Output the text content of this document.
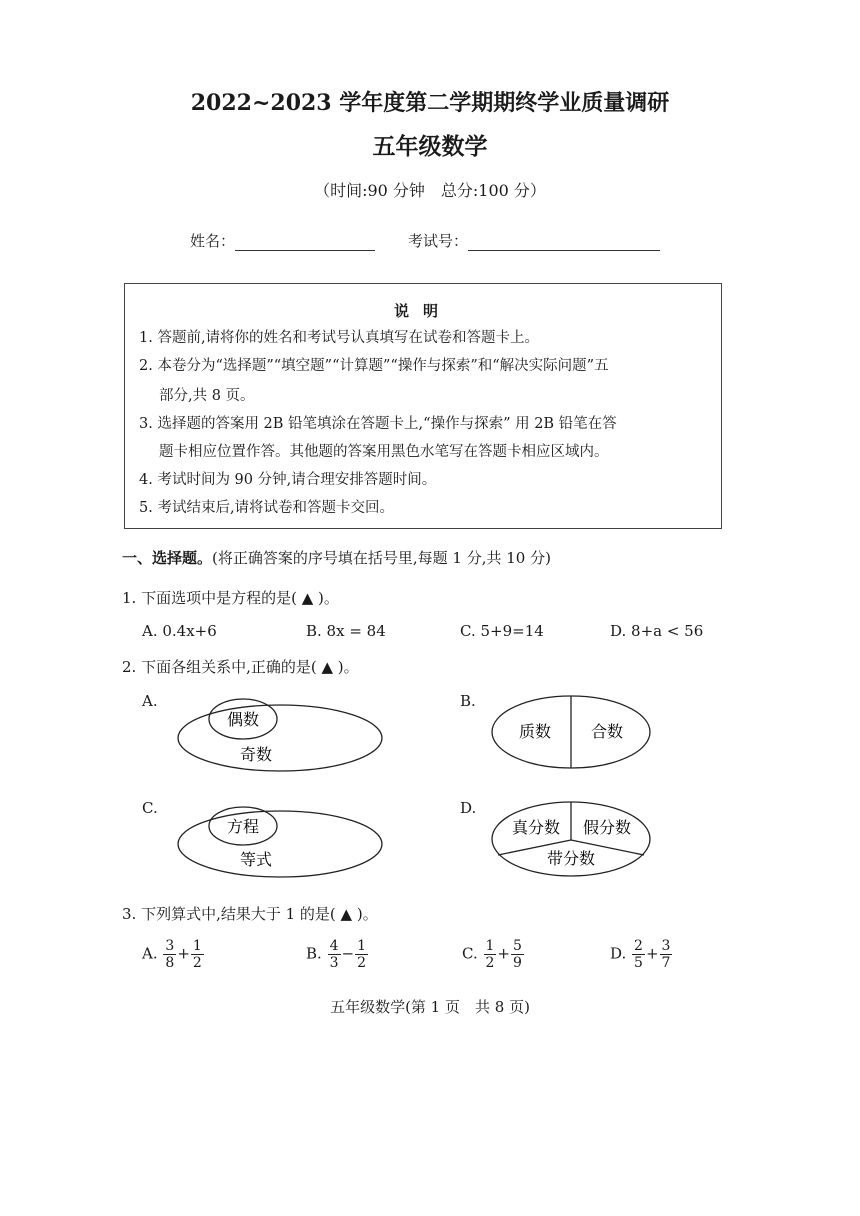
2022~2023 学年度第二学期期终学业质量调研
五年级数学
（时间:90 分钟　总分:100 分）
姓名：	考试号：
说明
1. 答题前,请将你的姓名和考试号认真填写在试卷和答题卡上。
2. 本卷分为“选择题”“填空题”“计算题”“操作与探索”和“解决实际问题”五
部分,共 8 页。
3. 选择题的答案用 2B 铅笔填涂在答题卡上,“操作与探索” 用 2B 铅笔在答
题卡相应位置作答。其他题的答案用黑色水笔写在答题卡相应区域内。
4. 考试时间为 90 分钟,请合理安排答题时间。
5. 考试结束后,请将试卷和答题卡交回。
一、选择题。(将正确答案的序号填在括号里,每题 1 分,共 10 分)
1. 下面选项中是方程的是( ▲ )。
A. 0.4x+6	B. 8x = 84	C. 5+9=14	D. 8+a < 56
2. 下面各组关系中,正确的是( ▲ )。
A.
偶数
奇数
B.
质数 合数
C.
方程
等式
D.
真分数 假分数
带分数
3. 下列算式中,结果大于 1 的是( ▲ )。
A. $\frac{3}{8} + \frac{1}{2}$	B. $\frac{4}{3} - \frac{1}{2}$	C. $\frac{1}{2} + \frac{5}{9}$	D. $\frac{2}{5} + \frac{3}{7}$
五年级数学(第 1 页　共 8 页)
